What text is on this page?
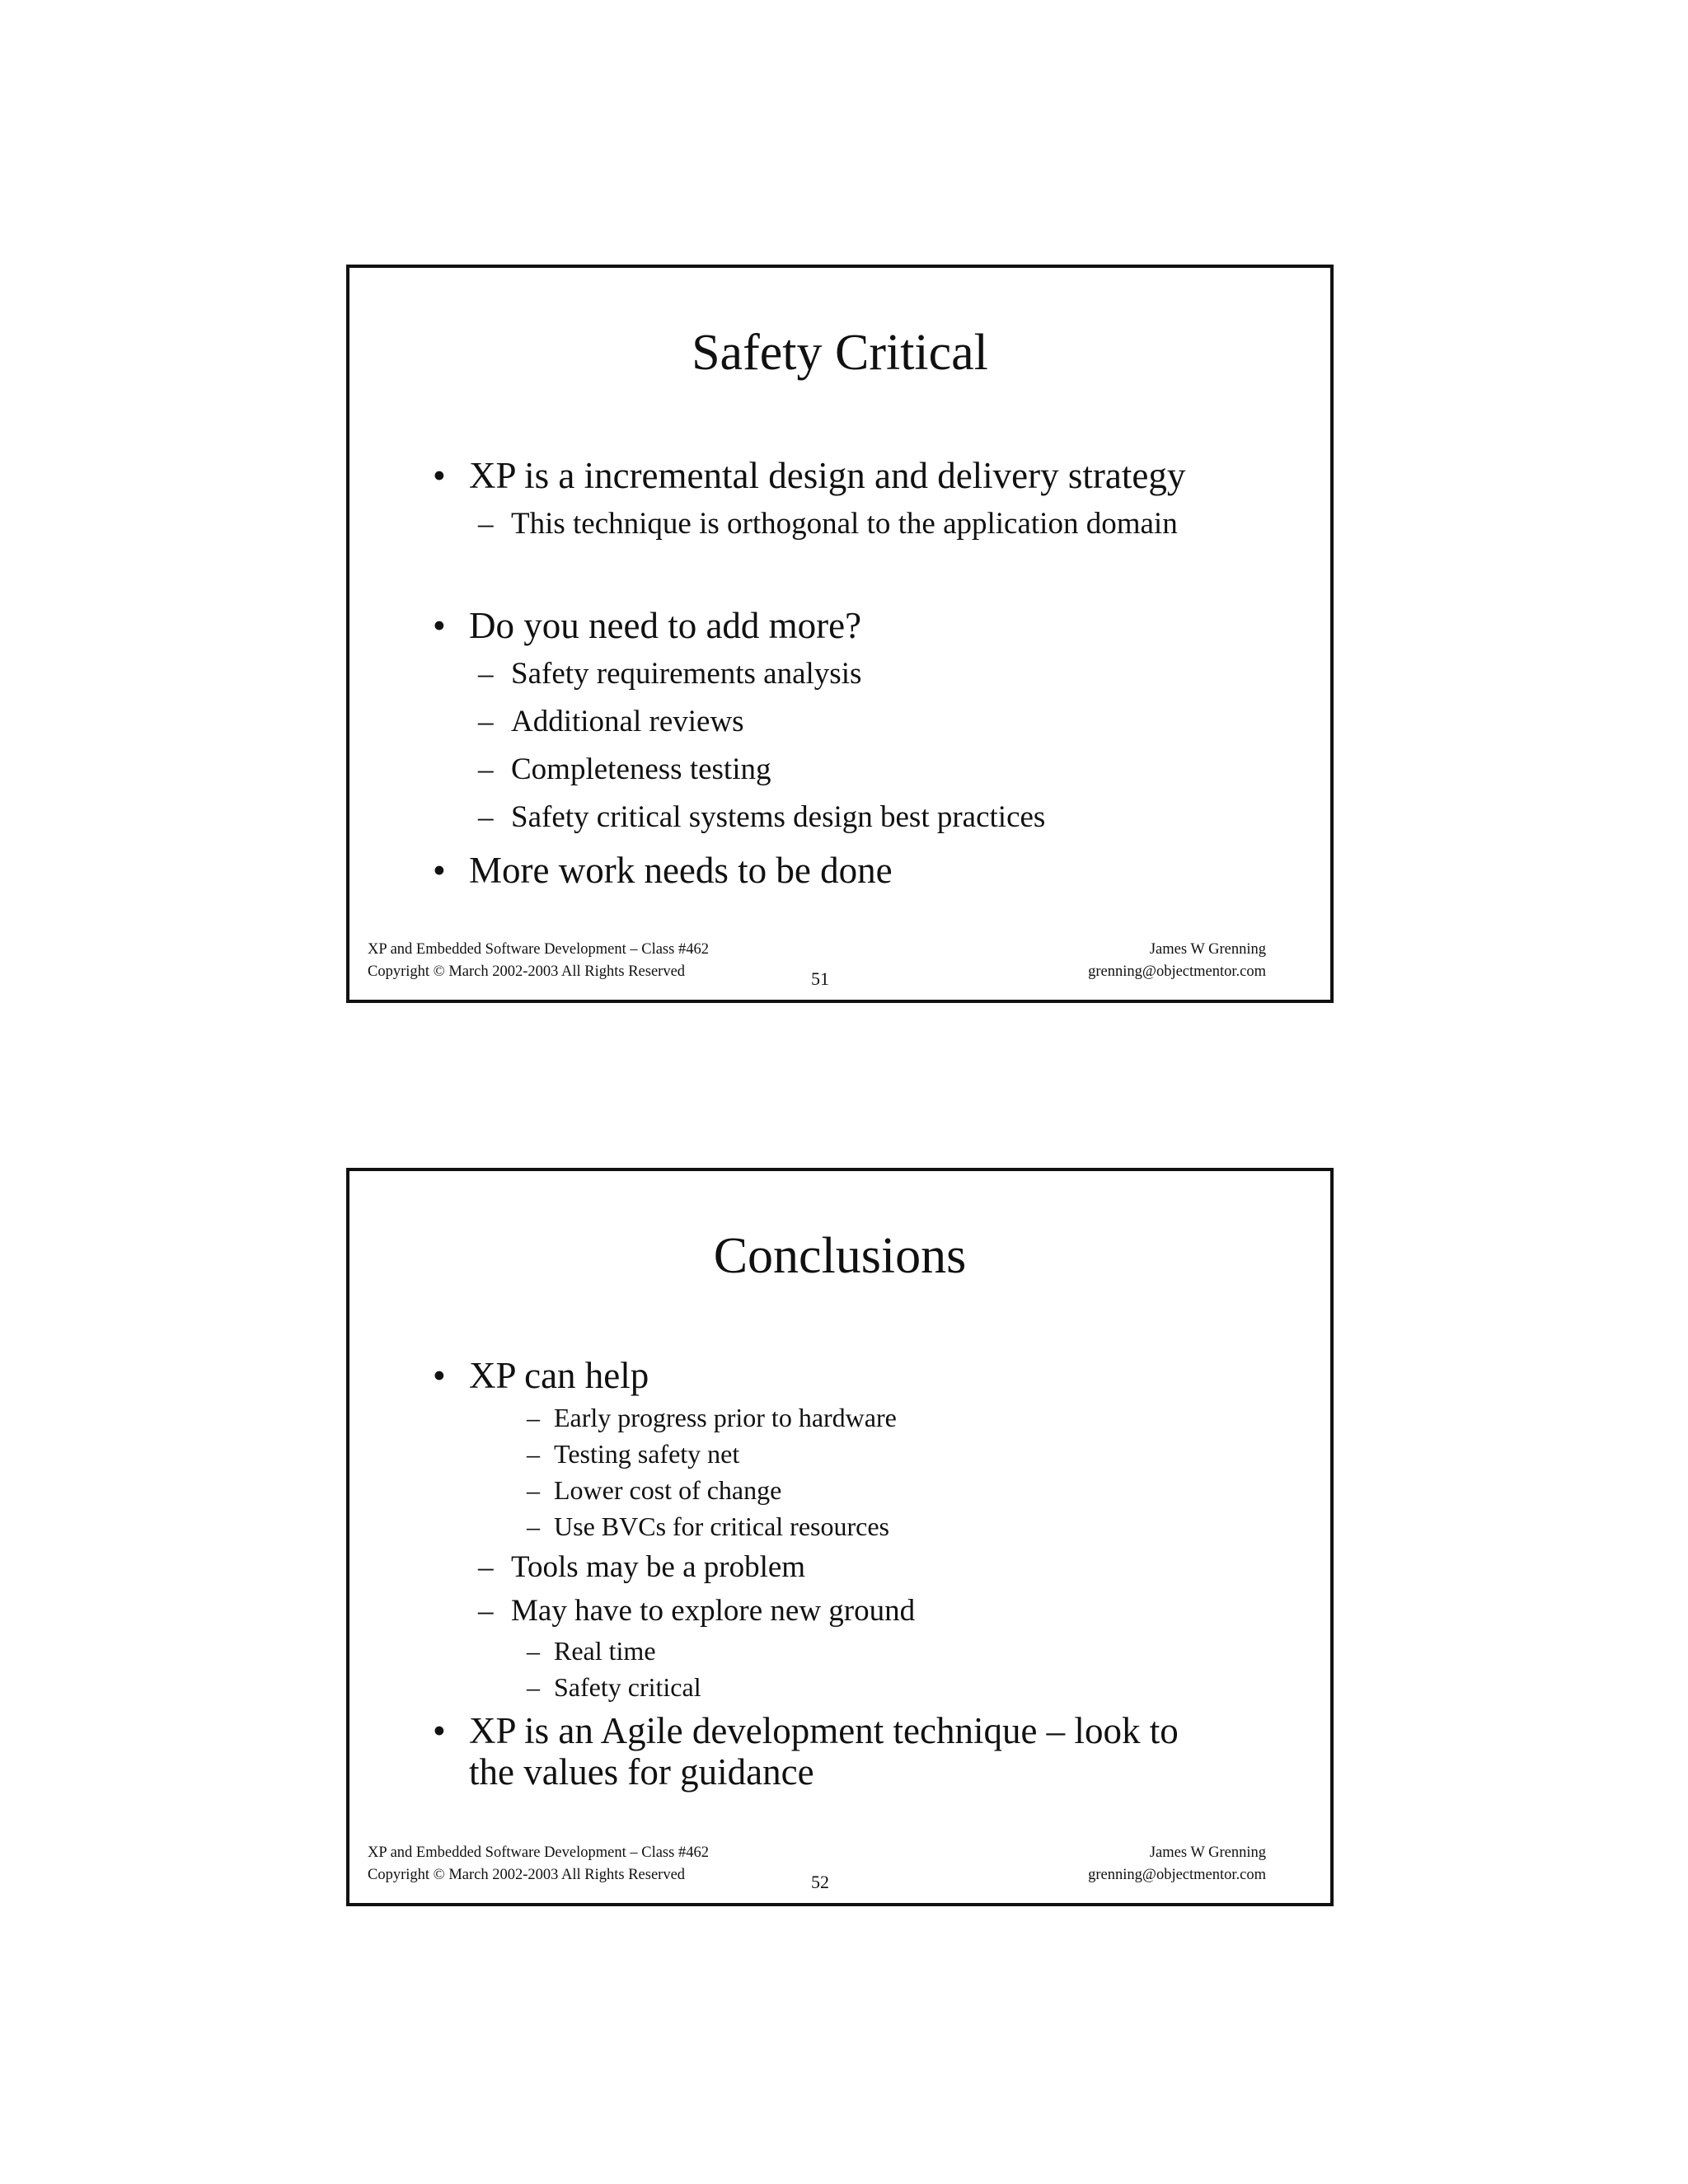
Safety Critical
• XP is a incremental design and delivery strategy
– This technique is orthogonal to the application domain
• Do you need to add more?
– Safety requirements analysis
– Additional reviews
– Completeness testing
– Safety critical systems design best practices
• More work needs to be done
XP and Embedded Software Development – Class #462
Copyright © March 2002-2003 All Rights Reserved	51
James W Grenning
grenning@objectmentor.com
Conclusions
• XP can help
– Early progress prior to hardware
– Testing safety net
– Lower cost of change
– Use BVCs for critical resources
– Tools may be a problem
– May have to explore new ground
– Real time
– Safety critical
• XP is an Agile development technique – look to
the values for guidance
XP and Embedded Software Development – Class #462
Copyright © March 2002-2003 All Rights Reserved	52
James W Grenning
grenning@objectmentor.com
